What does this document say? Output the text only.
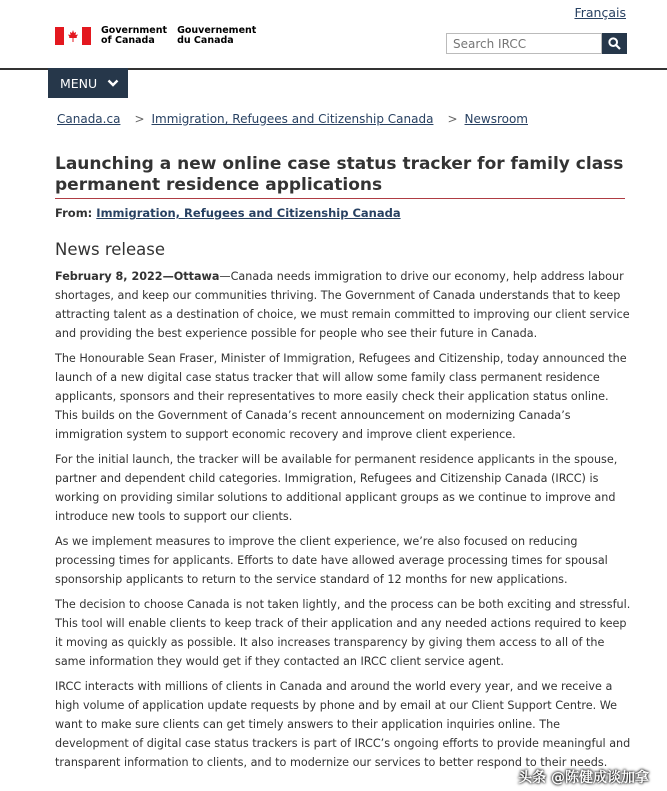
Français
Government
of Canada
Gouvernement
du Canada
Search IRCC
MENU
Canada.ca > Immigration, Refugees and Citizenship Canada > Newsroom
Launching a new online case status tracker for family class permanent residence applications
From: Immigration, Refugees and Citizenship Canada
News release

February 8, 2022—Ottawa—Canada needs immigration to drive our economy, help address labour shortages, and keep our communities thriving. The Government of Canada understands that to keep attracting talent as a destination of choice, we must remain committed to improving our client service and providing the best experience possible for people who see their future in Canada.

The Honourable Sean Fraser, Minister of Immigration, Refugees and Citizenship, today announced the launch of a new digital case status tracker that will allow some family class permanent residence applicants, sponsors and their representatives to more easily check their application status online. This builds on the Government of Canada’s recent announcement on modernizing Canada’s immigration system to support economic recovery and improve client experience.

For the initial launch, the tracker will be available for permanent residence applicants in the spouse, partner and dependent child categories. Immigration, Refugees and Citizenship Canada (IRCC) is working on providing similar solutions to additional applicant groups as we continue to improve and introduce new tools to support our clients.

As we implement measures to improve the client experience, we’re also focused on reducing processing times for applicants. Efforts to date have allowed average processing times for spousal sponsorship applicants to return to the service standard of 12 months for new applications.

The decision to choose Canada is not taken lightly, and the process can be both exciting and stressful. This tool will enable clients to keep track of their application and any needed actions required to keep it moving as quickly as possible. It also increases transparency by giving them access to all of the same information they would get if they contacted an IRCC client service agent.

IRCC interacts with millions of clients in Canada and around the world every year, and we receive a high volume of application update requests by phone and by email at our Client Support Centre. We want to make sure clients can get timely answers to their application inquiries online. The development of digital case status trackers is part of IRCC’s ongoing efforts to provide meaningful and transparent information to clients, and to modernize our services to better respond to their needs.

头条 @陈健成谈加拿
